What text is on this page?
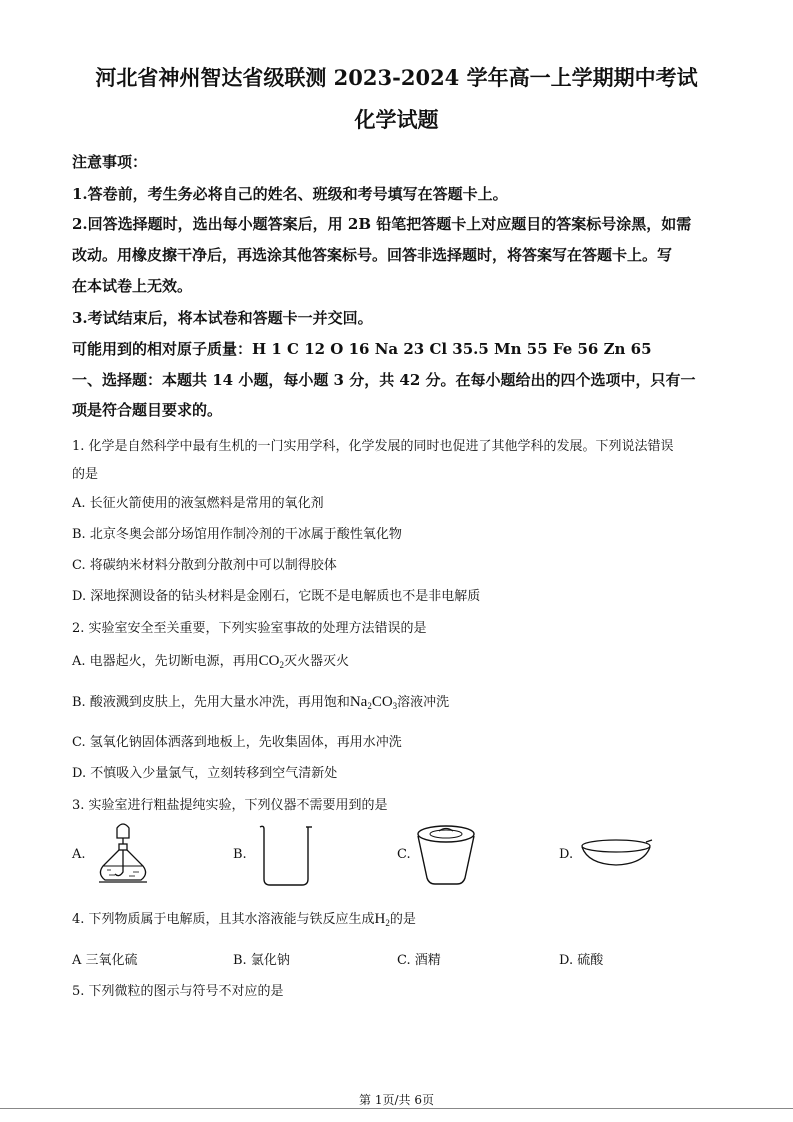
河北省神州智达省级联测 2023-2024 学年高一上学期期中考试
化学试题
注意事项：
1.答卷前，考生务必将自己的姓名、班级和考号填写在答题卡上。
2.回答选择题时，选出每小题答案后，用 2B 铅笔把答题卡上对应题目的答案标号涂黑，如需
改动。用橡皮擦干净后，再选涂其他答案标号。回答非选择题时，将答案写在答题卡上。写
在本试卷上无效。
3.考试结束后，将本试卷和答题卡一并交回。
可能用到的相对原子质量：H 1 C 12 O 16 Na 23 Cl 35.5 Mn 55 Fe 56 Zn 65
一、选择题：本题共 14 小题，每小题 3 分，共 42 分。在每小题给出的四个选项中，只有一
项是符合题目要求的。
1. 化学是自然科学中最有生机的一门实用学科，化学发展的同时也促进了其他学科的发展。下列说法错误
的是
A. 长征火箭使用的液氢燃料是常用的氧化剂
B. 北京冬奥会部分场馆用作制冷剂的干冰属于酸性氧化物
C. 将碳纳米材料分散到分散剂中可以制得胶体
D. 深地探测设备的钻头材料是金刚石，它既不是电解质也不是非电解质
2. 实验室安全至关重要，下列实验室事故的处理方法错误的是
A. 电器起火，先切断电源，再用$CO_2$灭火器灭火
B. 酸液溅到皮肤上，先用大量水冲洗，再用饱和$Na_2CO_3$溶液冲洗
C. 氢氧化钠固体洒落到地板上，先收集固体，再用水冲洗
D. 不慎吸入少量氯气，立刻转移到空气清新处
3. 实验室进行粗盐提纯实验，下列仪器不需要用到的是
A.	B.	C.	D.
4. 下列物质属于电解质，且其水溶液能与铁反应生成$H_2$的是
A 三氧化硫	B. 氯化钠	C. 酒精	D. 硫酸
5. 下列微粒的图示与符号不对应的是
第 1页/共 6页
